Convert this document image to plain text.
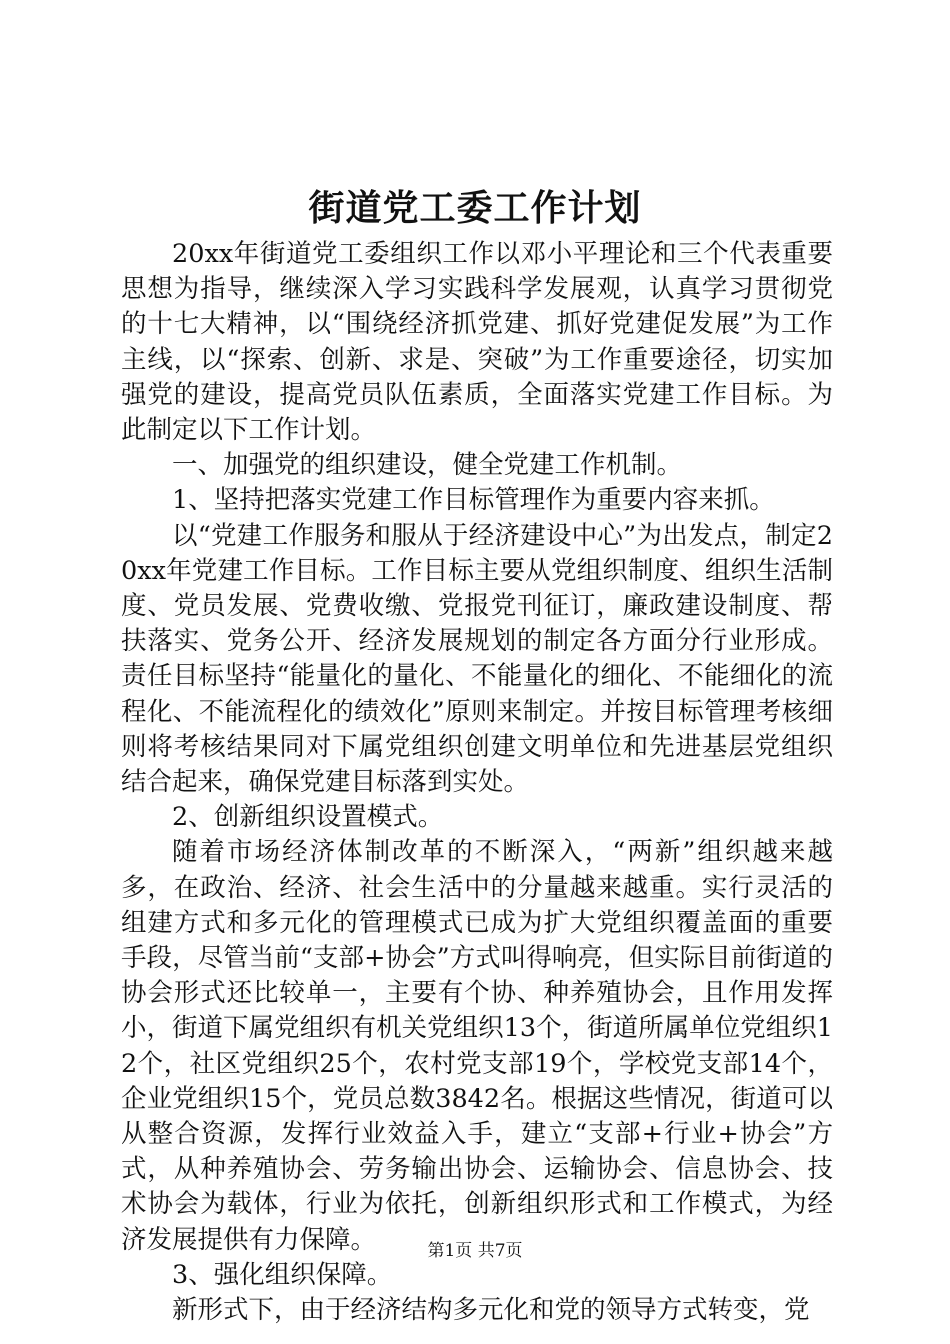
街道党工委工作计划

20xx年街道党工委组织工作以邓小平理论和三个代表重要思想为指导，继续深入学习实践科学发展观，认真学习贯彻党的十七大精神，以“围绕经济抓党建、抓好党建促发展”为工作主线，以“探索、创新、求是、突破”为工作重要途径，切实加强党的建设，提高党员队伍素质，全面落实党建工作目标。为此制定以下工作计划。

一、加强党的组织建设，健全党建工作机制。

1、坚持把落实党建工作目标管理作为重要内容来抓。

以“党建工作服务和服从于经济建设中心”为出发点，制定20xx年党建工作目标。工作目标主要从党组织制度、组织生活制度、党员发展、党费收缴、党报党刊征订，廉政建设制度、帮扶落实、党务公开、经济发展规划的制定各方面分行业形成。责任目标坚持“能量化的量化、不能量化的细化、不能细化的流程化、不能流程化的绩效化”原则来制定。并按目标管理考核细则将考核结果同对下属党组织创建文明单位和先进基层党组织结合起来，确保党建目标落到实处。

2、创新组织设置模式。

随着市场经济体制改革的不断深入，“两新”组织越来越多，在政治、经济、社会生活中的分量越来越重。实行灵活的组建方式和多元化的管理模式已成为扩大党组织覆盖面的重要手段，尽管当前“支部+协会”方式叫得响亮，但实际目前街道的协会形式还比较单一，主要有个协、种养殖协会，且作用发挥小，街道下属党组织有机关党组织13个，街道所属单位党组织12个，社区党组织25个，农村党支部19个，学校党支部14个，企业党组织15个，党员总数3842名。根据这些情况，街道可以从整合资源，发挥行业效益入手，建立“支部+行业+协会”方式，从种养殖协会、劳务输出协会、运输协会、信息协会、技术协会为载体，行业为依托，创新组织形式和工作模式，为经济发展提供有力保障。

3、强化组织保障。

新形式下，由于经济结构多元化和党的领导方式转变，党

第1页 共7页
